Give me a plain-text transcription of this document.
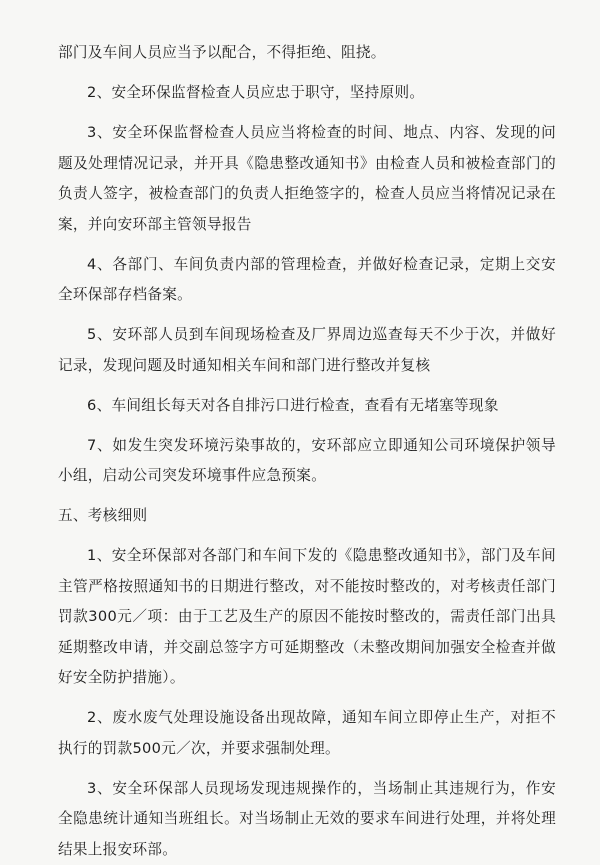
部门及车间人员应当予以配合，不得拒绝、阻挠。

2、安全环保监督检查人员应忠于职守，坚持原则。

3、安全环保监督检查人员应当将检查的时间、地点、内容、发现的问题及处理情况记录，并开具《隐患整改通知书》由检查人员和被检查部门的负责人签字，被检查部门的负责人拒绝签字的，检查人员应当将情况记录在案，并向安环部主管领导报告

4、各部门、车间负责内部的管理检查，并做好检查记录，定期上交安全环保部存档备案。

5、安环部人员到车间现场检查及厂界周边巡查每天不少于次，并做好记录，发现问题及时通知相关车间和部门进行整改并复核

6、车间组长每天对各自排污口进行检查，查看有无堵塞等现象

7、如发生突发环境污染事故的，安环部应立即通知公司环境保护领导小组，启动公司突发环境事件应急预案。

五、考核细则

1、安全环保部对各部门和车间下发的《隐患整改通知书》，部门及车间主管严格按照通知书的日期进行整改，对不能按时整改的，对考核责任部门罚款300元／项：由于工艺及生产的原因不能按时整改的，需责任部门出具延期整改申请，并交副总签字方可延期整改（未整改期间加强安全检查并做好安全防护措施）。

2、废水废气处理设施设备出现故障，通知车间立即停止生产，对拒不执行的罚款500元／次，并要求强制处理。

3、安全环保部人员现场发现违规操作的，当场制止其违规行为，作安全隐患统计通知当班组长。对当场制止无效的要求车间进行处理，并将处理结果上报安环部。
